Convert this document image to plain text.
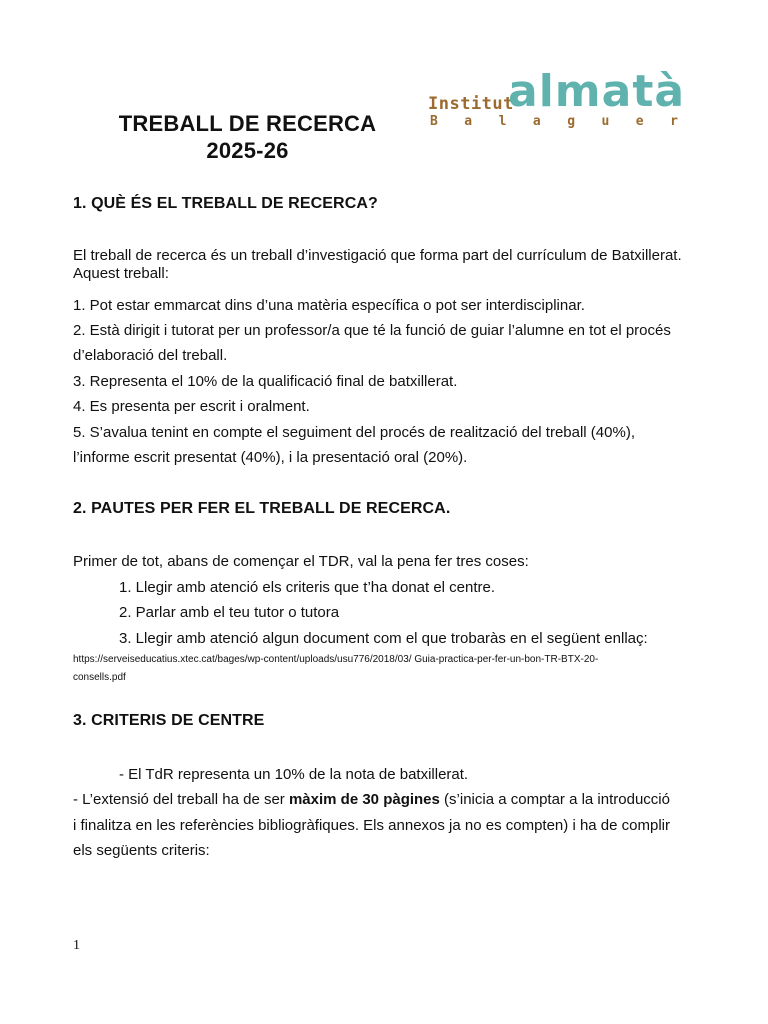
TREBALL DE RECERCA
2025-26
Institut
almatà
B a l a g u e r
1. QUÈ ÉS EL TREBALL DE RECERCA?
El treball de recerca és un treball d’investigació que forma part del currículum de Batxillerat. Aquest treball:
1. Pot estar emmarcat dins d’una matèria específica o pot ser interdisciplinar.
2. Està dirigit i tutorat per un professor/a que té la funció de guiar l’alumne en tot el procés
d’elaboració del treball.
3. Representa el 10% de la qualificació final de batxillerat.
4. Es presenta per escrit i oralment.
5. S’avalua tenint en compte el seguiment del procés de realització del treball (40%),
l’informe escrit presentat (40%), i la presentació oral (20%).
2. PAUTES PER FER EL TREBALL DE RECERCA.
Primer de tot, abans de començar el TDR, val la pena fer tres coses:
1. Llegir amb atenció els criteris que t’ha donat el centre.
2. Parlar amb el teu tutor o tutora
3. Llegir amb atenció algun document com el que trobaràs en el següent enllaç:
https://serveiseducatius.xtec.cat/bages/wp-content/uploads/usu776/2018/03/ Guia-practica-per-fer-un-bon-TR-BTX-20-
consells.pdf
3. CRITERIS DE CENTRE
- El TdR representa un 10% de la nota de batxillerat.
- L’extensió del treball ha de ser màxim de 30 pàgines (s’inicia a comptar a la introducció
i finalitza en les referències bibliogràfiques. Els annexos ja no es compten) i ha de complir
els següents criteris:
1
